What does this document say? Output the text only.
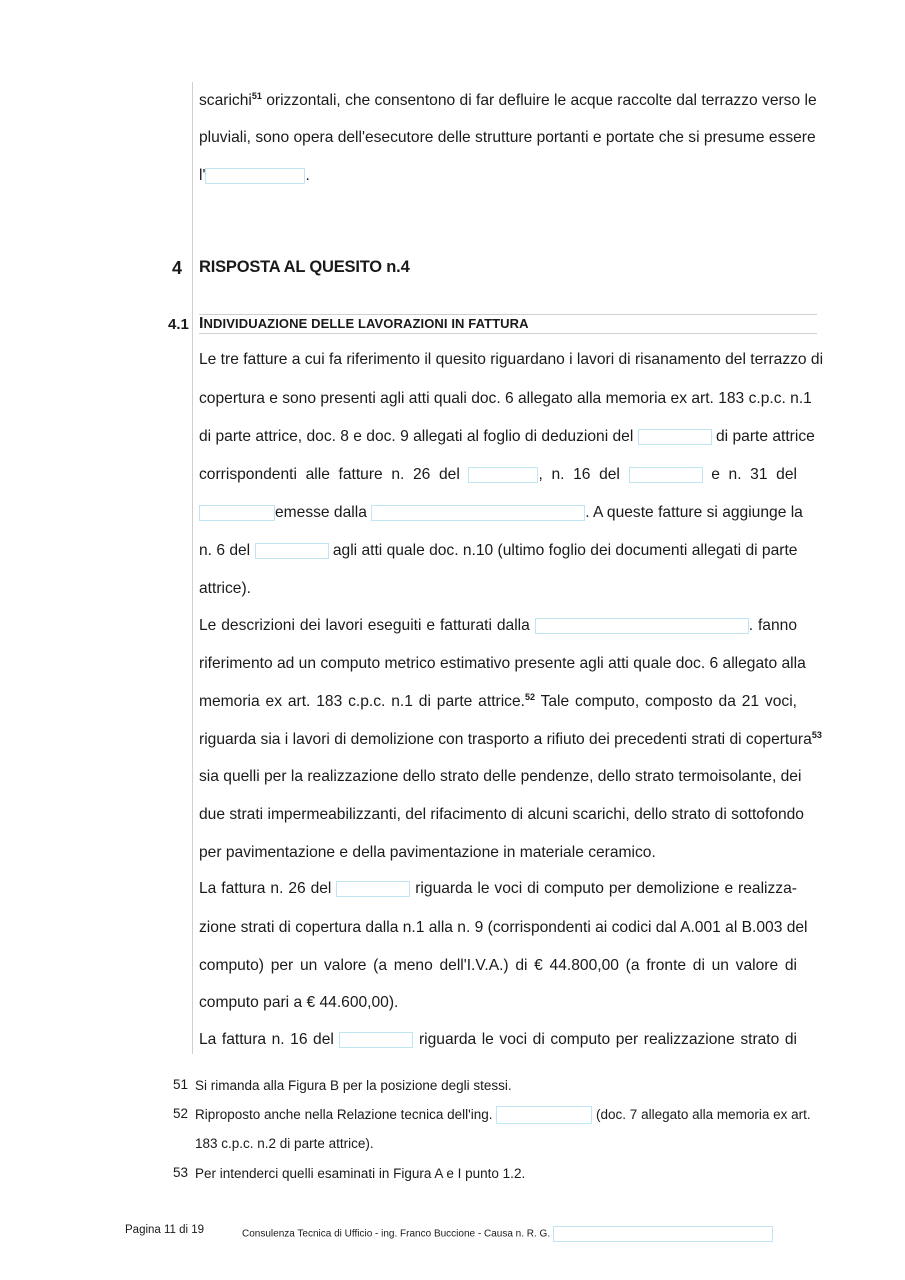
scarichi$^{51}$ orizzontali, che consentono di far defluire le acque raccolte dal terrazzo verso le
pluviali, sono opera dell'esecutore delle strutture portanti e portate che si presume essere
l'	.
4 RISPOSTA AL QUESITO n.4
4.1 INDIVIDUAZIONE DELLE LAVORAZIONI IN FATTURA
Le tre fatture a cui fa riferimento il quesito riguardano i lavori di risanamento del terrazzo di
copertura e sono presenti agli atti quali doc. 6 allegato alla memoria ex art. 183 c.p.c. n.1
di parte attrice, doc. 8 e doc. 9 allegati al foglio di deduzioni del	di parte attrice
corrispondenti alle fatture n. 26 del	, n. 16 del	e n. 31 del
emesse dalla	. A queste fatture si aggiunge la
n. 6 del	agli atti quale doc. n.10 (ultimo foglio dei documenti allegati di parte
attrice).
Le descrizioni dei lavori eseguiti e fatturati dalla	. fanno
riferimento ad un computo metrico estimativo presente agli atti quale doc. 6 allegato alla
memoria ex art. 183 c.p.c. n.1 di parte attrice.$^{52}$ Tale computo, composto da 21 voci,
riguarda sia i lavori di demolizione con trasporto a rifiuto dei precedenti strati di copertura$^{53}$
sia quelli per la realizzazione dello strato delle pendenze, dello strato termoisolante, dei
due strati impermeabilizzanti, del rifacimento di alcuni scarichi, dello strato di sottofondo
per pavimentazione e della pavimentazione in materiale ceramico.
La fattura n. 26 del	riguarda le voci di computo per demolizione e realizza-
zione strati di copertura dalla n.1 alla n. 9 (corrispondenti ai codici dal A.001 al B.003 del
computo) per un valore (a meno dell'I.V.A.) di € 44.800,00 (a fronte di un valore di
computo pari a € 44.600,00).
La fattura n. 16 del	riguarda le voci di computo per realizzazione strato di
51 Si rimanda alla Figura B per la posizione degli stessi.
52 Riproposto anche nella Relazione tecnica dell'ing.	(doc. 7 allegato alla memoria ex art.
183 c.p.c. n.2 di parte attrice).
53 Per intenderci quelli esaminati in Figura A e I punto 1.2.
Pagina 11 di 19	Consulenza Tecnica di Ufficio - ing. Franco Buccione - Causa n. R. G.
